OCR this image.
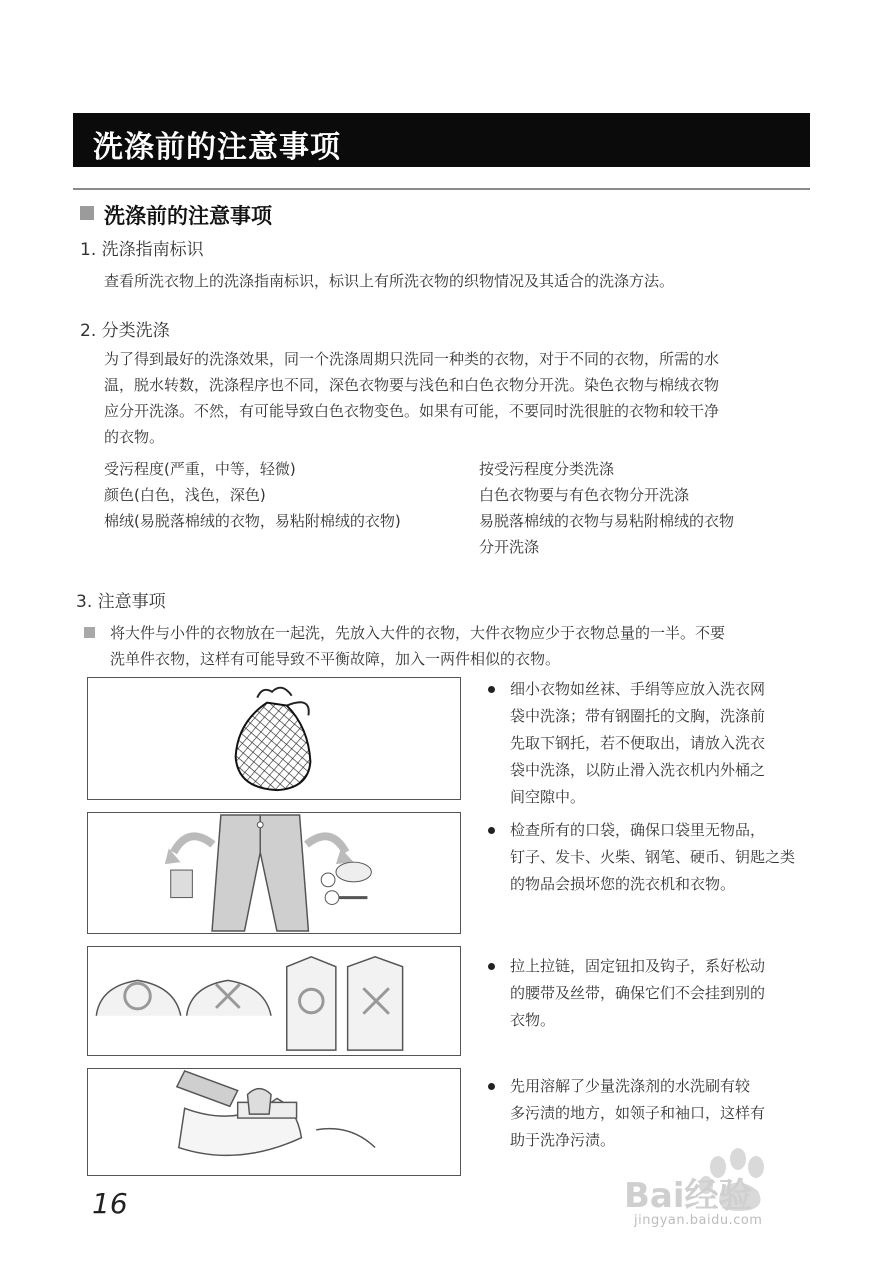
洗涤前的注意事项
洗涤前的注意事项
1. 洗涤指南标识
查看所洗衣物上的洗涤指南标识，标识上有所洗衣物的织物情况及其适合的洗涤方法。
2. 分类洗涤
为了得到最好的洗涤效果，同一个洗涤周期只洗同一种类的衣物，对于不同的衣物，所需的水
温，脱水转数，洗涤程序也不同，深色衣物要与浅色和白色衣物分开洗。染色衣物与棉绒衣物
应分开洗涤。不然，有可能导致白色衣物变色。如果有可能，不要同时洗很脏的衣物和较干净
的衣物。
受污程度(严重，中等，轻微)
颜色(白色，浅色，深色)
棉绒(易脱落棉绒的衣物，易粘附棉绒的衣物)
按受污程度分类洗涤
白色衣物要与有色衣物分开洗涤
易脱落棉绒的衣物与易粘附棉绒的衣物
分开洗涤
3. 注意事项
将大件与小件的衣物放在一起洗，先放入大件的衣物，大件衣物应少于衣物总量的一半。不要
洗单件衣物，这样有可能导致不平衡故障，加入一两件相似的衣物。
细小衣物如丝袜、手绢等应放入洗衣网
袋中洗涤；带有钢圈托的文胸，洗涤前
先取下钢托，若不便取出，请放入洗衣
袋中洗涤，以防止滑入洗衣机内外桶之
间空隙中。
检查所有的口袋，确保口袋里无物品，
钉子、发卡、火柴、钢笔、硬币、钥匙之类
的物品会损坏您的洗衣机和衣物。
拉上拉链，固定钮扣及钩子，系好松动
的腰带及丝带，确保它们不会挂到别的
衣物。
先用溶解了少量洗涤剂的水洗刷有较
多污渍的地方，如领子和袖口，这样有
助于洗净污渍。
16	Bai经验
jingyan.baidu.com
